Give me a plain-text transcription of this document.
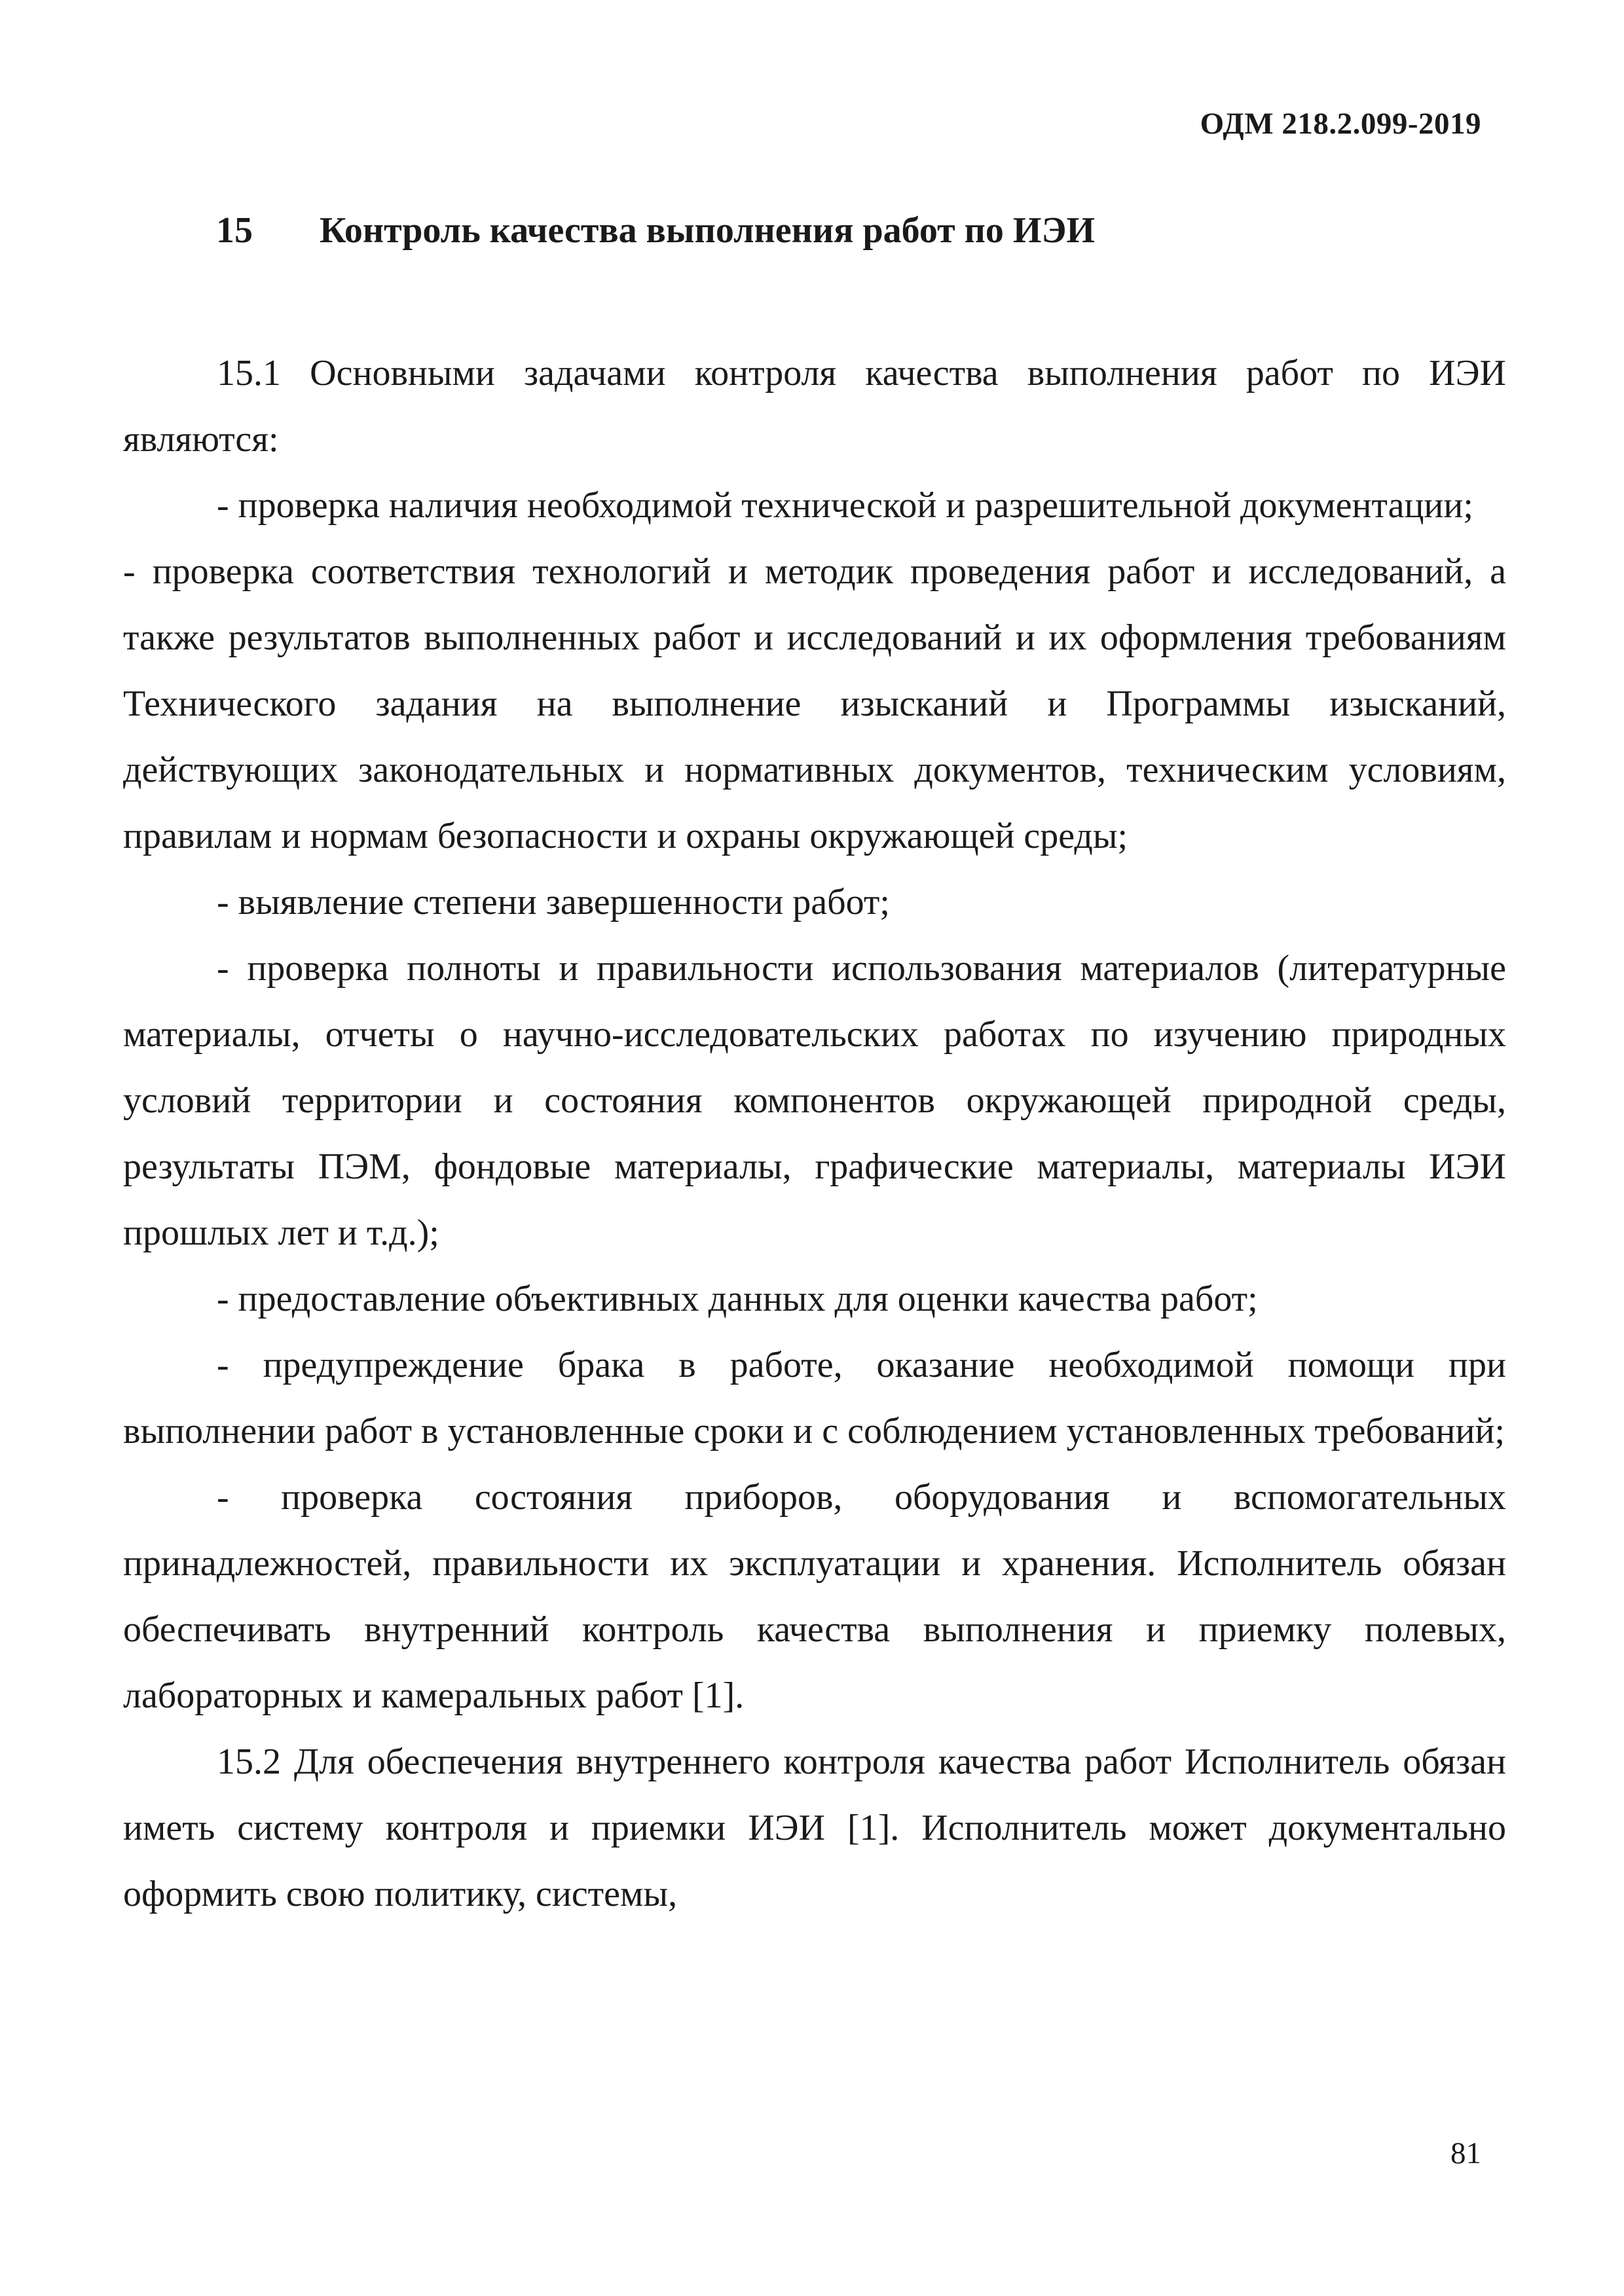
ОДМ 218.2.099-2019
15 Контроль качества выполнения работ по ИЭИ

15.1 Основными задачами контроля качества выполнения работ по ИЭИ являются:

- проверка наличия необходимой технической и разрешительной документации;

- проверка соответствия технологий и методик проведения работ и исследований, а также результатов выполненных работ и исследований и их оформления требованиям Технического задания на выполнение изысканий и Программы изысканий, действующих законодательных и нормативных документов, техническим условиям, правилам и нормам безопасности и охраны окружающей среды;

- выявление степени завершенности работ;

- проверка полноты и правильности использования материалов (литературные материалы, отчеты о научно-исследовательских работах по изучению природных условий территории и состояния компонентов окружающей природной среды, результаты ПЭМ, фондовые материалы, графические материалы, материалы ИЭИ прошлых лет и т.д.);

- предоставление объективных данных для оценки качества работ;

- предупреждение брака в работе, оказание необходимой помощи при выполнении работ в установленные сроки и с соблюдением установленных требований;

- проверка состояния приборов, оборудования и вспомогательных принадлежностей, правильности их эксплуатации и хранения. Исполнитель обязан обеспечивать внутренний контроль качества выполнения и приемку полевых, лабораторных и камеральных работ [1].

15.2 Для обеспечения внутреннего контроля качества работ Исполнитель обязан иметь систему контроля и приемки ИЭИ [1]. Исполнитель может документально оформить свою политику, системы,

81
